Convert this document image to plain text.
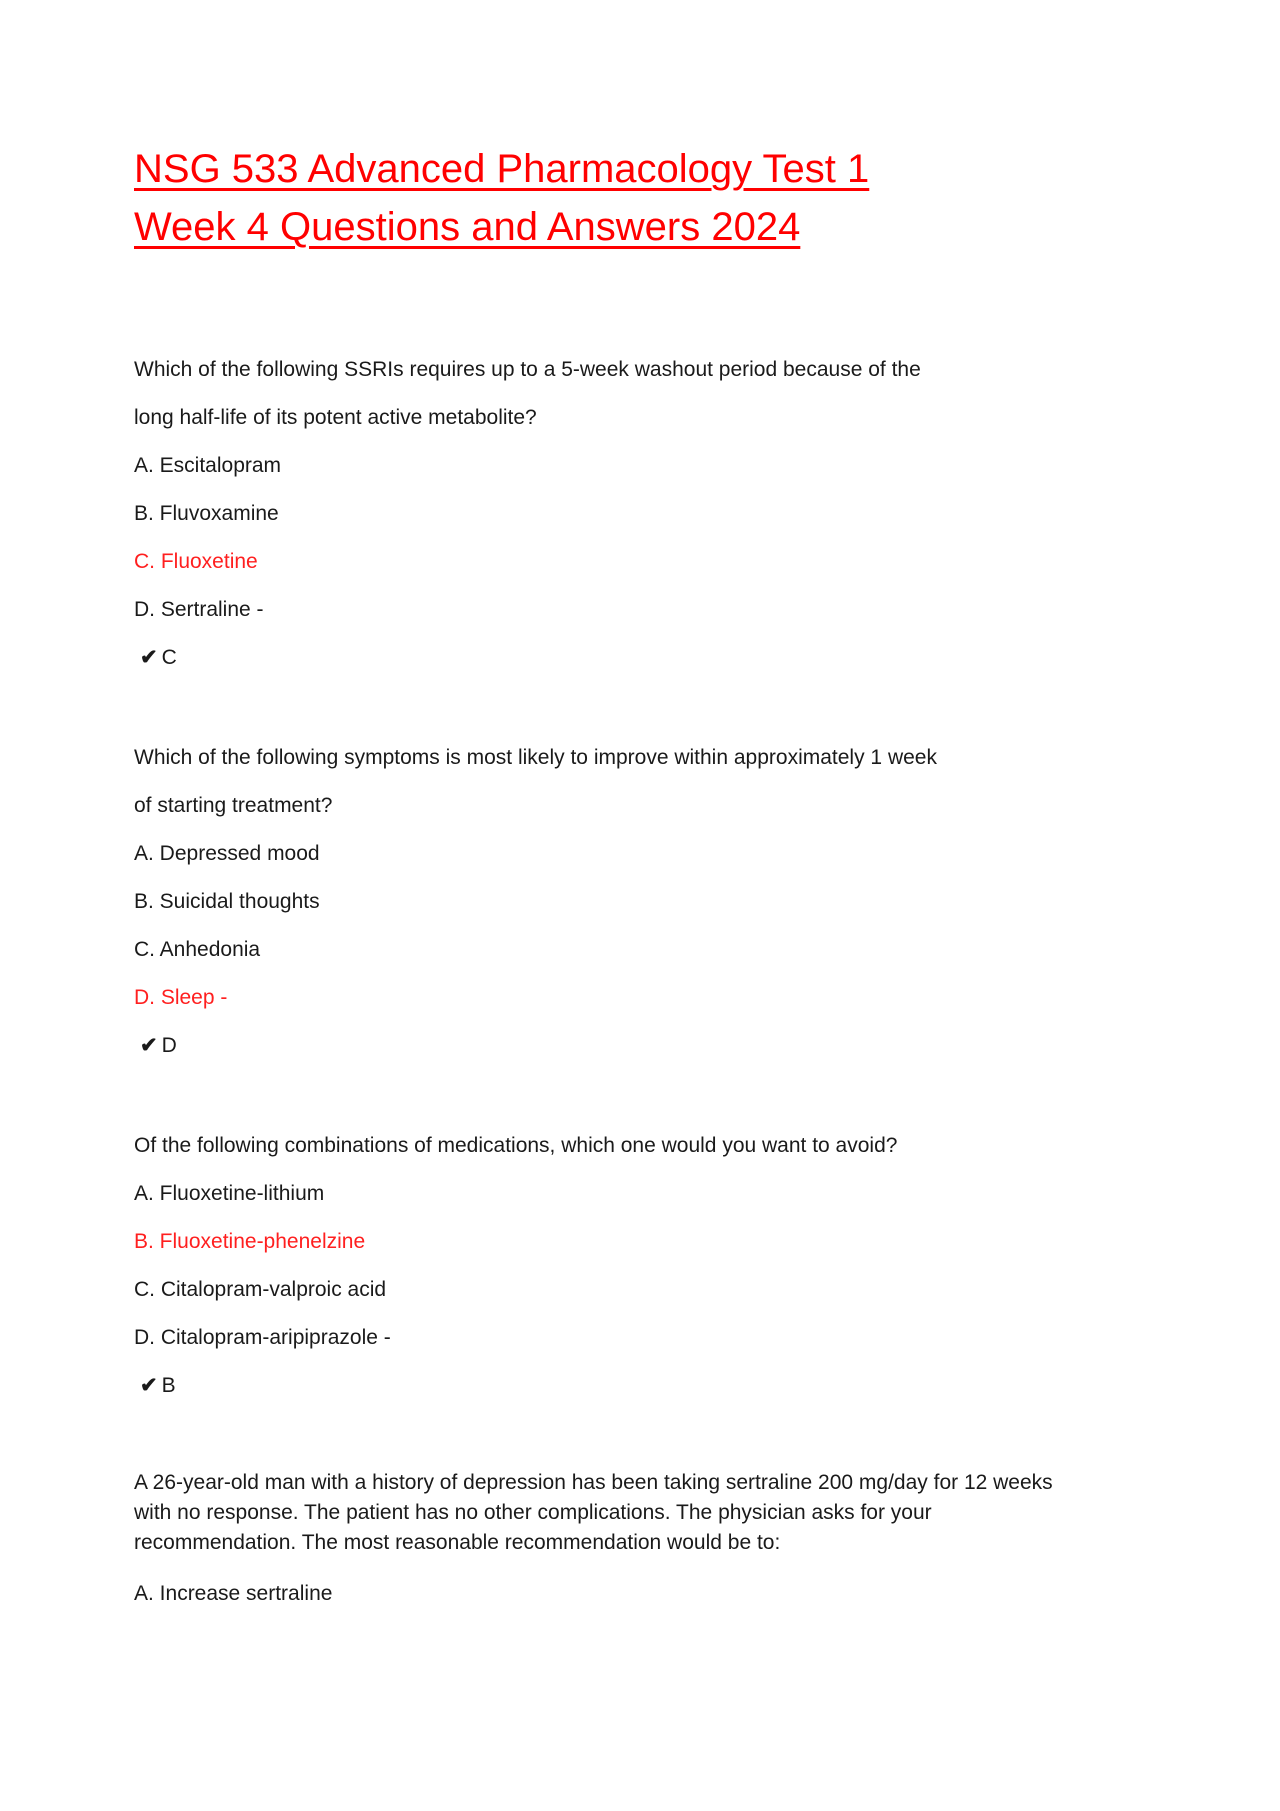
NSG 533 Advanced Pharmacology Test 1
Week 4 Questions and Answers 2024

Which of the following SSRIs requires up to a 5-week washout period because of the

long half-life of its potent active metabolite?

A. Escitalopram

B. Fluvoxamine

C. Fluoxetine

D. Sertraline -

✔ C

Which of the following symptoms is most likely to improve within approximately 1 week

of starting treatment?

A. Depressed mood

B. Suicidal thoughts

C. Anhedonia

D. Sleep -

✔ D

Of the following combinations of medications, which one would you want to avoid?

A. Fluoxetine-lithium

B. Fluoxetine-phenelzine

C. Citalopram-valproic acid

D. Citalopram-aripiprazole -

✔ B

A 26-year-old man with a history of depression has been taking sertraline 200 mg/day for 12 weeks

with no response. The patient has no other complications. The physician asks for your

recommendation. The most reasonable recommendation would be to:

A. Increase sertraline
